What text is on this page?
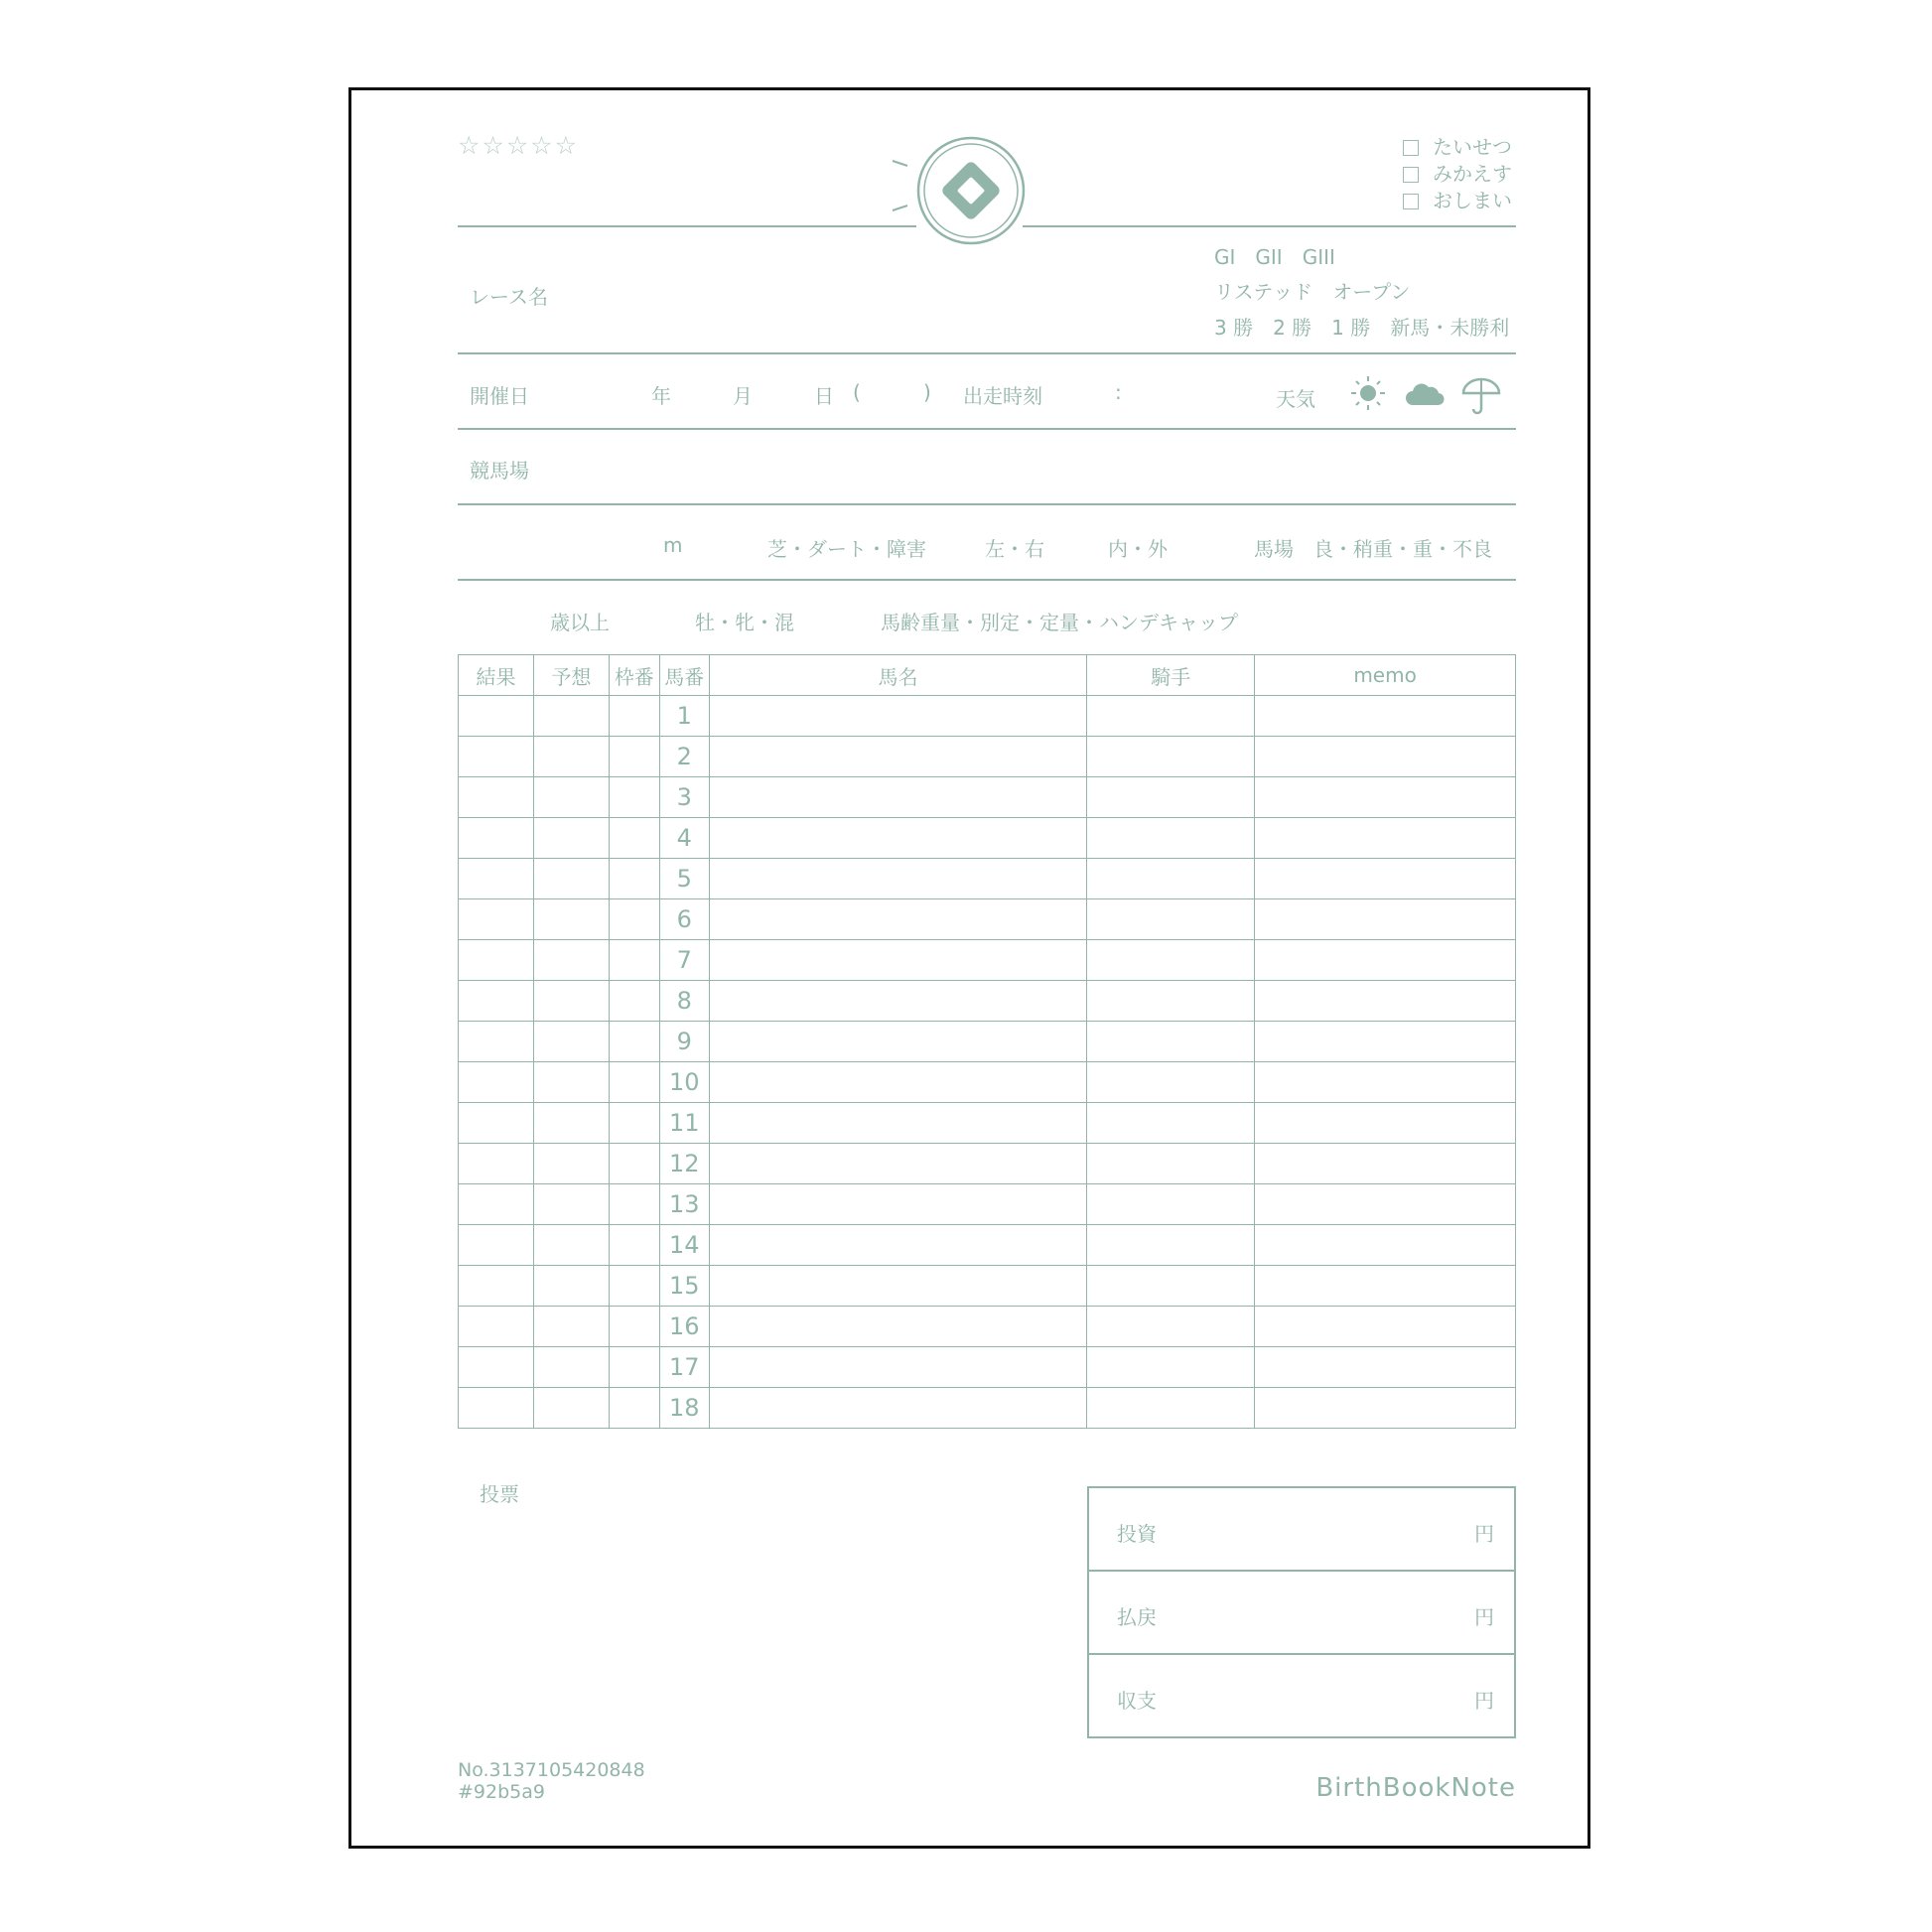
☆☆☆☆☆	たいせつ
みかえす
おしまい
レース名
GI　GII　GIII
リステッド　オープン
3 勝　2 勝　1 勝　新馬・未勝利
開催日	年	月	日 (	) 出走時刻	:	天気
競馬場
m	芝・ダート・障害	左・右	内・外	馬場　良・稍重・重・不良
歳以上	牡・牝・混	馬齢重量・別定・定量・ハンデキャップ
結果	予想	枠番	馬番	馬名	騎手	memo
			1			
			2			
			3			
			4			
			5			
			6			
			7			
			8			
			9			
			10			
			11			
			12			
			13			
			14			
			15			
			16			
			17			
			18			
投票
投資	円
払戻	円
収支	円
No.3137105420848
#92b5a9	BirthBookNote
